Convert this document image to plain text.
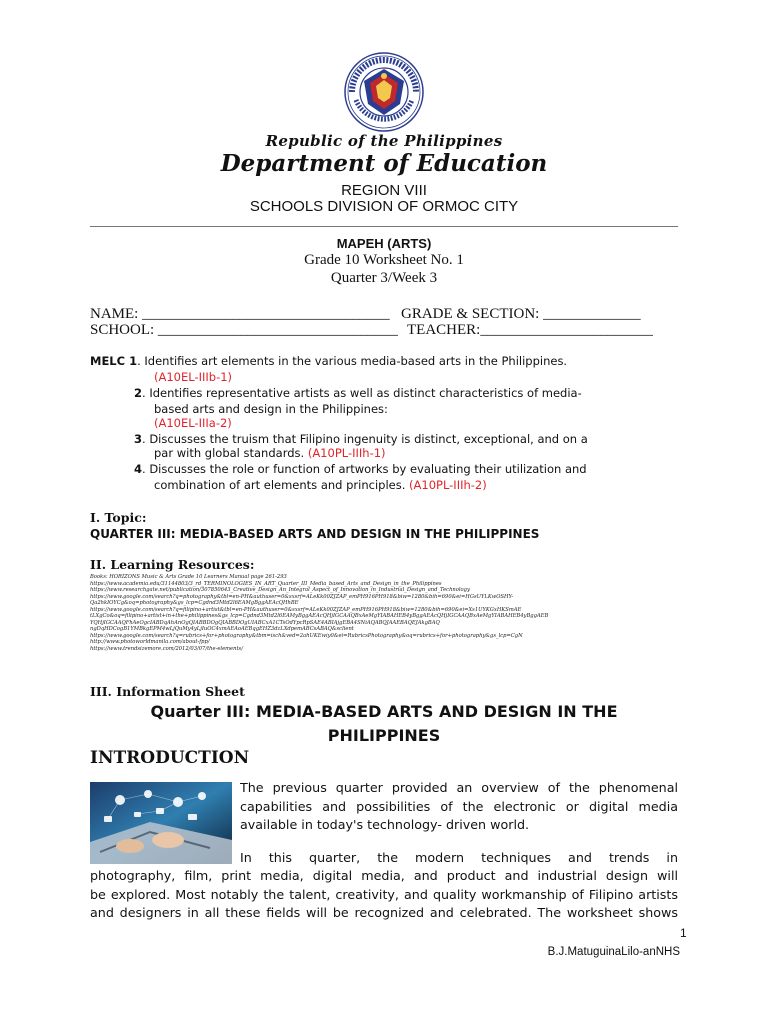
Republic of the Philippines
Department of Education
REGION VIII
SCHOOLS DIVISION OF ORMOC CITY
MAPEH (ARTS)
Grade 10 Worksheet No. 1
Quarter 3/Week 3
NAME: _________________________________ GRADE & SECTION: _____________
SCHOOL: ________________________________ TEACHER:_______________________
MELC 1. Identifies art elements in the various media-based arts in the Philippines.
(A10EL-IIIb-1)
2. Identifies representative artists as well as distinct characteristics of media-
based arts and design in the Philippines:
(A10EL-IIIa-2)
3. Discusses the truism that Filipino ingenuity is distinct, exceptional, and on a
par with global standards. (A10PL-IIIh-1)
4. Discusses the role or function of artworks by evaluating their utilization and
combination of art elements and principles. (A10PL-IIIh-2)
I. Topic:
QUARTER III: MEDIA-BASED ARTS AND DESIGN IN THE PHILIPPINES
II. Learning Resources:
Books: HORIZONS Music & Arts Grade 10 Learners Manual page 261-293
https://www.academia.edu/31144803/3_rd_TERMINOLOGIES_IN_ART_Quarter_III_Media_based_Arts_and_Design_in_the_Philippines
https://www.researchgate.net/publication/307850643_Creative_Design_An_Integral_Aspect_of_Innovation_in_Industrial_Design_and_Technology
https://www.google.com/search?q=photography&tbl=en-PH&authuser=0&sxsrf=ALeKk00ZJZAP_emPH916PH918&biw=1280&bih=690&ei=HGsUYLKwOSHY-
Qa2hkIOYCg&oq=photography&gs_lcp=Cgdnd3Mtd2l6EAMgBggAEAcQHhBE
https://www.google.com/search?q=filipino+artist&tbl=en-PH&authuser=0&sxsrf=ALeKk00ZJZAP_emPH916PH918&biw=1280&bih=690&ei=Xs1UYKGxHKSmAE
tLXgCo&oq=filipino+artist+in+the+philippines&gs_lcp=Cgdnd3Mtd2l6EAMyBggAEAcQHjIGCAAQBxAeMgYIABAHEB4yBggAEAcQHjIGCAAQBxAeMgYIABAHEB4yBggAEB
YQHjIGCAAQFhAeOgcIABDqAhAnOgQIABBDOgQIABBDOgUIABCxA1CTsOdYpcRpSAE4ABIAjgEBA4SNiAQABQJAAEBAQEJAkgBAQ
ngDqHDCogB1YMBkgEPM4wLjQuMy4yLjIuOC4xmAEAoAEBqgEHZ3dzLXdpemABCsABAQ&sclient
https://www.google.com/search?q=rubrics+for+photography&tbm=isch&ved=2ahUKEwiy0&ei=RubricsPhotography&oq=rubrics+for+photography&gs_lcp=CgN
http://www.photoworldmanila.com/about-fpp/
https://www.trendsizemore.com/2012/03/07/the-elements/
III. Information Sheet
Quarter III: MEDIA-BASED ARTS AND DESIGN IN THE
PHILIPPINES
INTRODUCTION
The previous quarter provided an overview of the phenomenal
capabilities and possibilities of the electronic or digital media
available in today's technology- driven world.
In this quarter, the modern techniques and trends in
photography, film, print media, digital media, and product and industrial design will
be explored. Most notably the talent, creativity, and quality workmanship of Filipino artists
and designers in all these fields will be recognized and celebrated. The worksheet shows
1
B.J.MatuguinaLilo-anNHS
